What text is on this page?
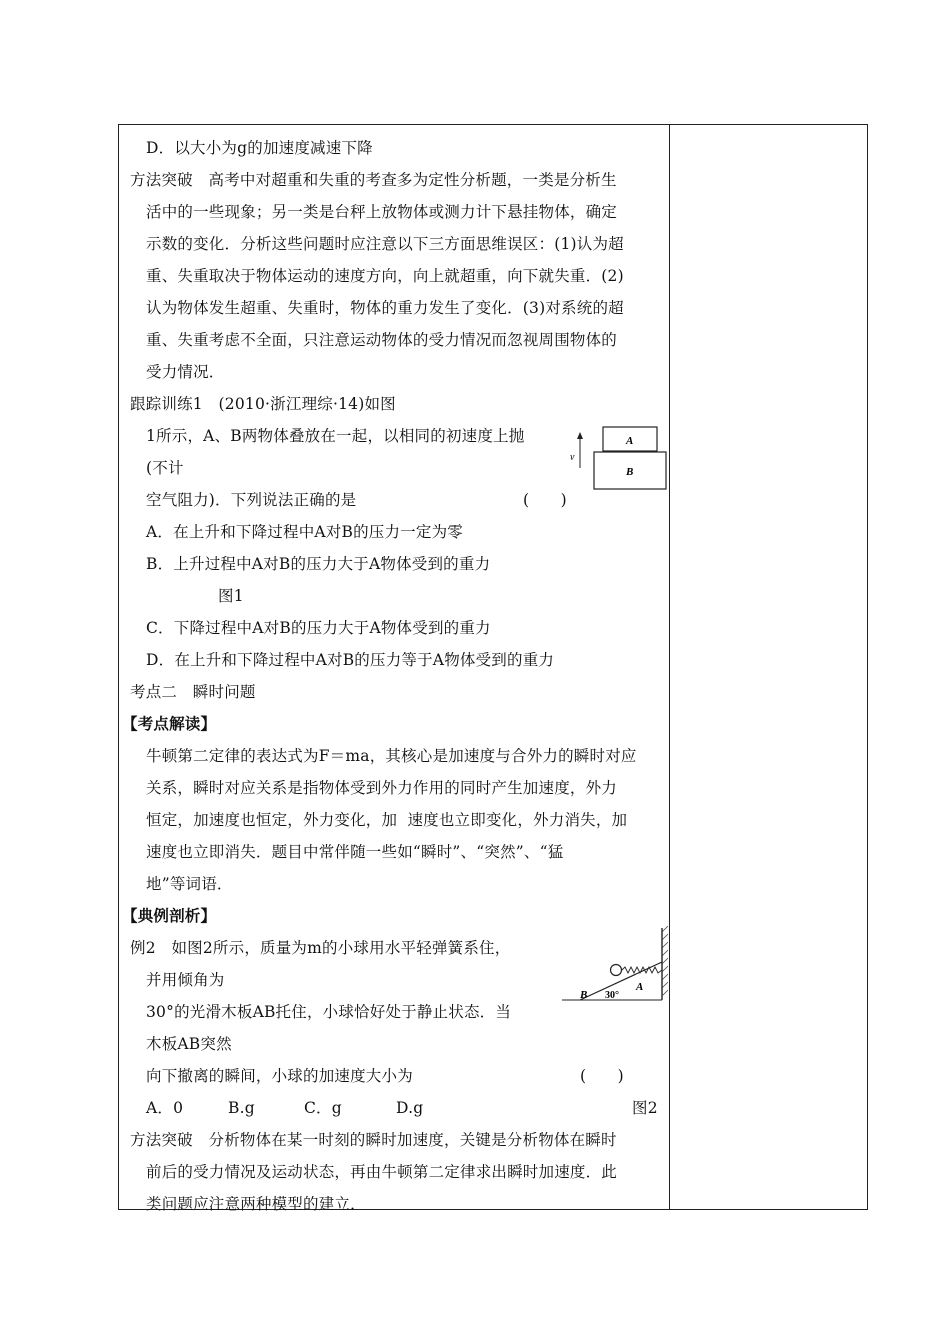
D．以大小为g的加速度减速下降
方法突破　高考中对超重和失重的考查多为定性分析题，一类是分析生
活中的一些现象；另一类是台秤上放物体或测力计下悬挂物体，确定
示数的变化．分析这些问题时应注意以下三方面思维误区：(1)认为超
重、失重取决于物体运动的速度方向，向上就超重，向下就失重．(2)
认为物体发生超重、失重时，物体的重力发生了变化．(3)对系统的超
重、失重考虑不全面，只注意运动物体的受力情况而忽视周围物体的
受力情况．
跟踪训练1　(2010·浙江理综·14)如图
1所示，A、B两物体叠放在一起，以相同的初速度上抛
(不计
空气阻力)．下列说法正确的是	(　　)
A．在上升和下降过程中A对B的压力一定为零
B．上升过程中A对B的压力大于A物体受到的重力
图1
C．下降过程中A对B的压力大于A物体受到的重力
D．在上升和下降过程中A对B的压力等于A物体受到的重力
考点二　瞬时问题
【考点解读】
牛顿第二定律的表达式为F＝ma，其核心是加速度与合外力的瞬时对应
关系，瞬时对应关系是指物体受到外力作用的同时产生加速度，外力
恒定，加速度也恒定，外力变化，加  速度也立即变化，外力消失，加
速度也立即消失．题目中常伴随一些如“瞬时”、“突然”、“猛
地”等词语．
【典例剖析】
例2　如图2所示，质量为m的小球用水平轻弹簧系住，
并用倾角为
30°的光滑木板AB托住，小球恰好处于静止状态．当
木板AB突然
向下撤离的瞬间，小球的加速度大小为	(　　)
A．0	B.g	C．g	D.g	图2
方法突破　分析物体在某一时刻的瞬时加速度，关键是分析物体在瞬时
前后的受力情况及运动状态，再由牛顿第二定律求出瞬时加速度．此
类问题应注意两种模型的建立．
v
A
B
B 30°
A
